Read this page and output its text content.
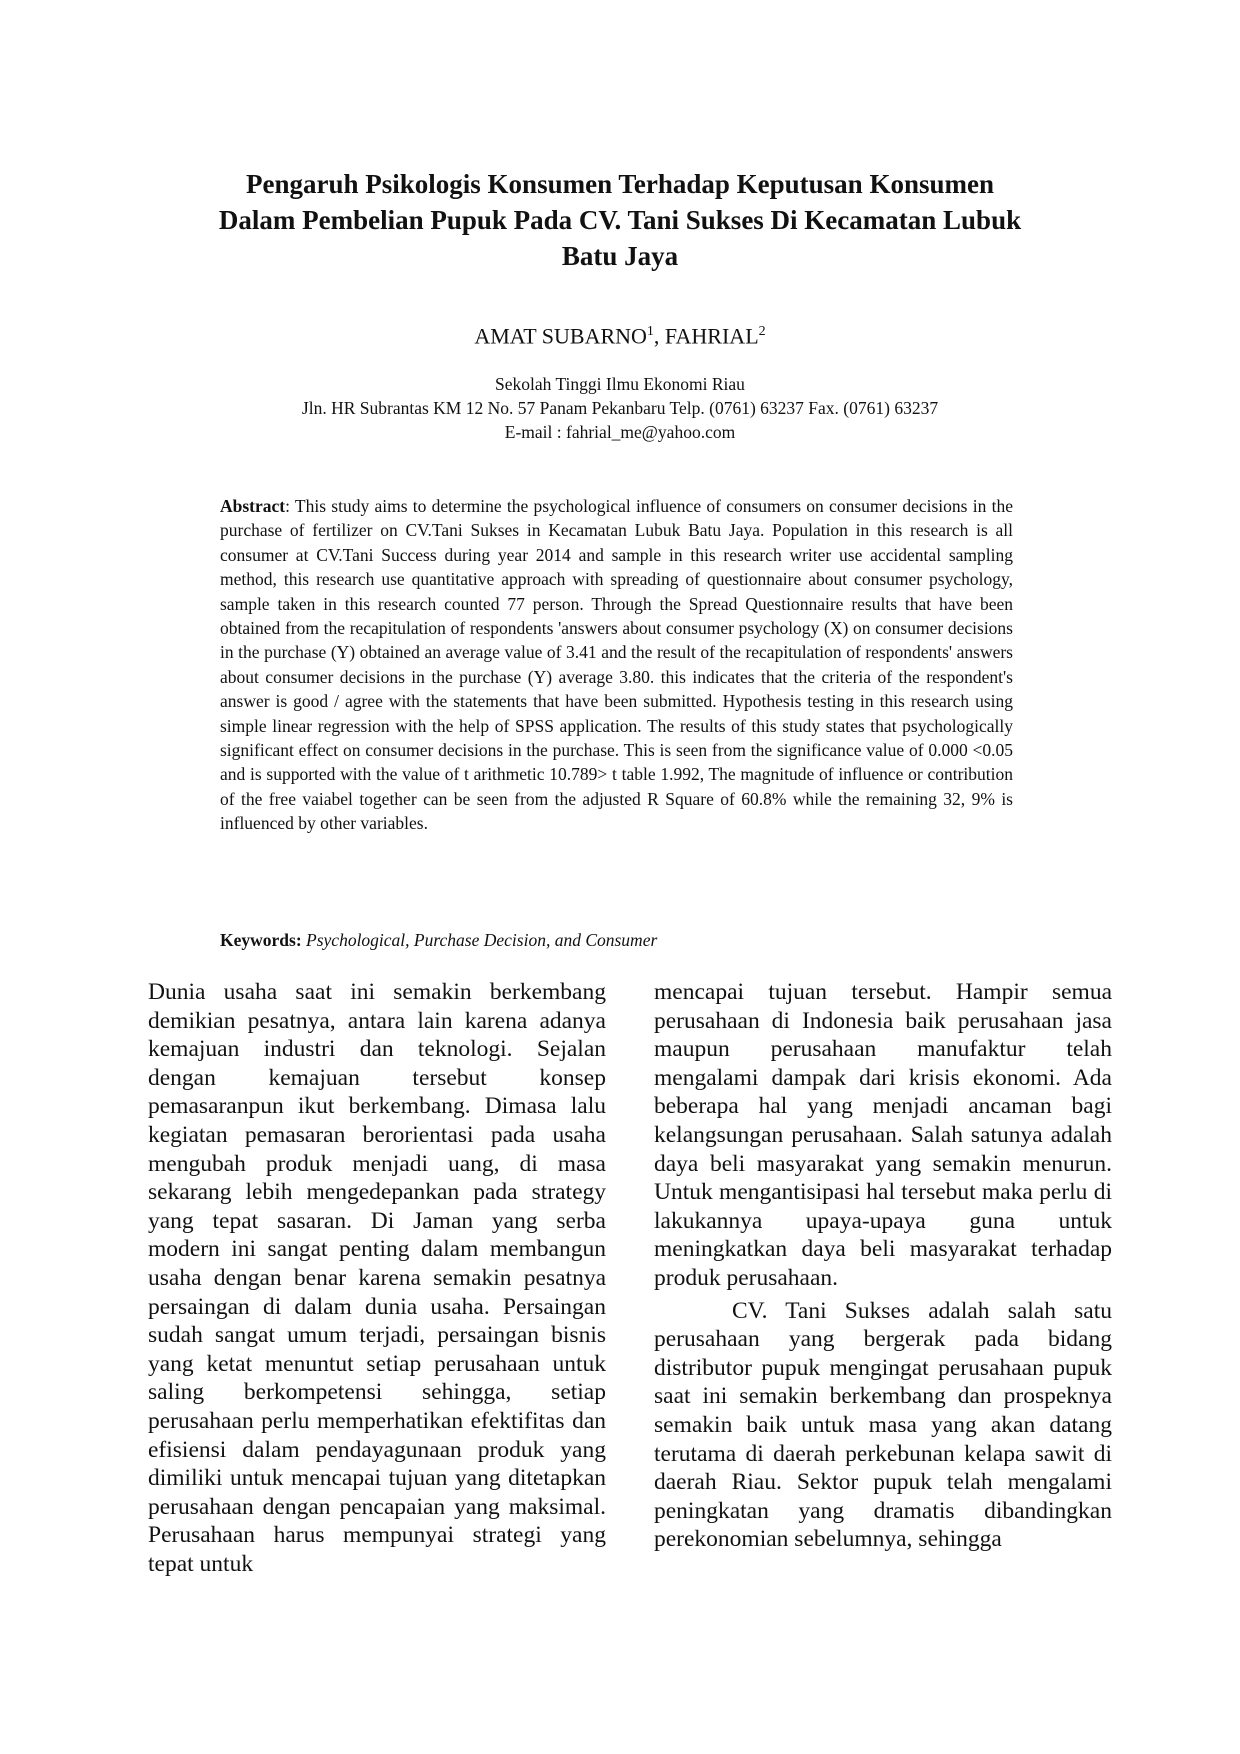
Pengaruh Psikologis Konsumen Terhadap Keputusan Konsumen
Dalam Pembelian Pupuk Pada CV. Tani Sukses Di Kecamatan Lubuk
Batu Jaya
AMAT SUBARNO$^1$, FAHRIAL$^2$
Sekolah Tinggi Ilmu Ekonomi Riau
Jln. HR Subrantas KM 12 No. 57 Panam Pekanbaru Telp. (0761) 63237 Fax. (0761) 63237
E-mail : fahrial_me@yahoo.com
Abstract: This study aims to determine the psychological influence of consumers on consumer decisions in the purchase of fertilizer on CV.Tani Sukses in Kecamatan Lubuk Batu Jaya. Population in this research is all consumer at CV.Tani Success during year 2014 and sample in this research writer use accidental sampling method, this research use quantitative approach with spreading of questionnaire about consumer psychology, sample taken in this research counted 77 person. Through the Spread Questionnaire results that have been obtained from the recapitulation of respondents 'answers about consumer psychology (X) on consumer decisions in the purchase (Y) obtained an average value of 3.41 and the result of the recapitulation of respondents' answers about consumer decisions in the purchase (Y) average 3.80. this indicates that the criteria of the respondent's answer is good / agree with the statements that have been submitted. Hypothesis testing in this research using simple linear regression with the help of SPSS application. The results of this study states that psychologically significant effect on consumer decisions in the purchase. This is seen from the significance value of 0.000 <0.05 and is supported with the value of t arithmetic 10.789> t table 1.992, The magnitude of influence or contribution of the free vaiabel together can be seen from the adjusted R Square of 60.8% while the remaining 32, 9% is influenced by other variables.
Keywords: Psychological, Purchase Decision, and Consumer

Dunia usaha saat ini semakin berkembang demikian pesatnya, antara lain karena adanya kemajuan industri dan teknologi. Sejalan dengan kemajuan tersebut konsep pemasaranpun ikut berkembang. Dimasa lalu kegiatan pemasaran berorientasi pada usaha mengubah produk menjadi uang, di masa sekarang lebih mengedepankan pada strategy yang tepat sasaran. Di Jaman yang serba modern ini sangat penting dalam membangun usaha dengan benar karena semakin pesatnya persaingan di dalam dunia usaha. Persaingan sudah sangat umum terjadi, persaingan bisnis yang ketat menuntut setiap perusahaan untuk saling berkompetensi sehingga, setiap perusahaan perlu memperhatikan efektifitas dan efisiensi dalam pendayagunaan produk yang dimiliki untuk mencapai tujuan yang ditetapkan perusahaan dengan pencapaian yang maksimal. Perusahaan harus mempunyai strategi yang tepat untuk

mencapai tujuan tersebut. Hampir semua perusahaan di Indonesia baik perusahaan jasa maupun perusahaan manufaktur telah mengalami dampak dari krisis ekonomi. Ada beberapa hal yang menjadi ancaman bagi kelangsungan perusahaan. Salah satunya adalah daya beli masyarakat yang semakin menurun. Untuk mengantisipasi hal tersebut maka perlu di lakukannya upaya-upaya guna untuk meningkatkan daya beli masyarakat terhadap produk perusahaan.

CV. Tani Sukses adalah salah satu perusahaan yang bergerak pada bidang distributor pupuk mengingat perusahaan pupuk saat ini semakin berkembang dan prospeknya semakin baik untuk masa yang akan datang terutama di daerah perkebunan kelapa sawit di daerah Riau. Sektor pupuk telah mengalami peningkatan yang dramatis dibandingkan perekonomian sebelumnya, sehingga
